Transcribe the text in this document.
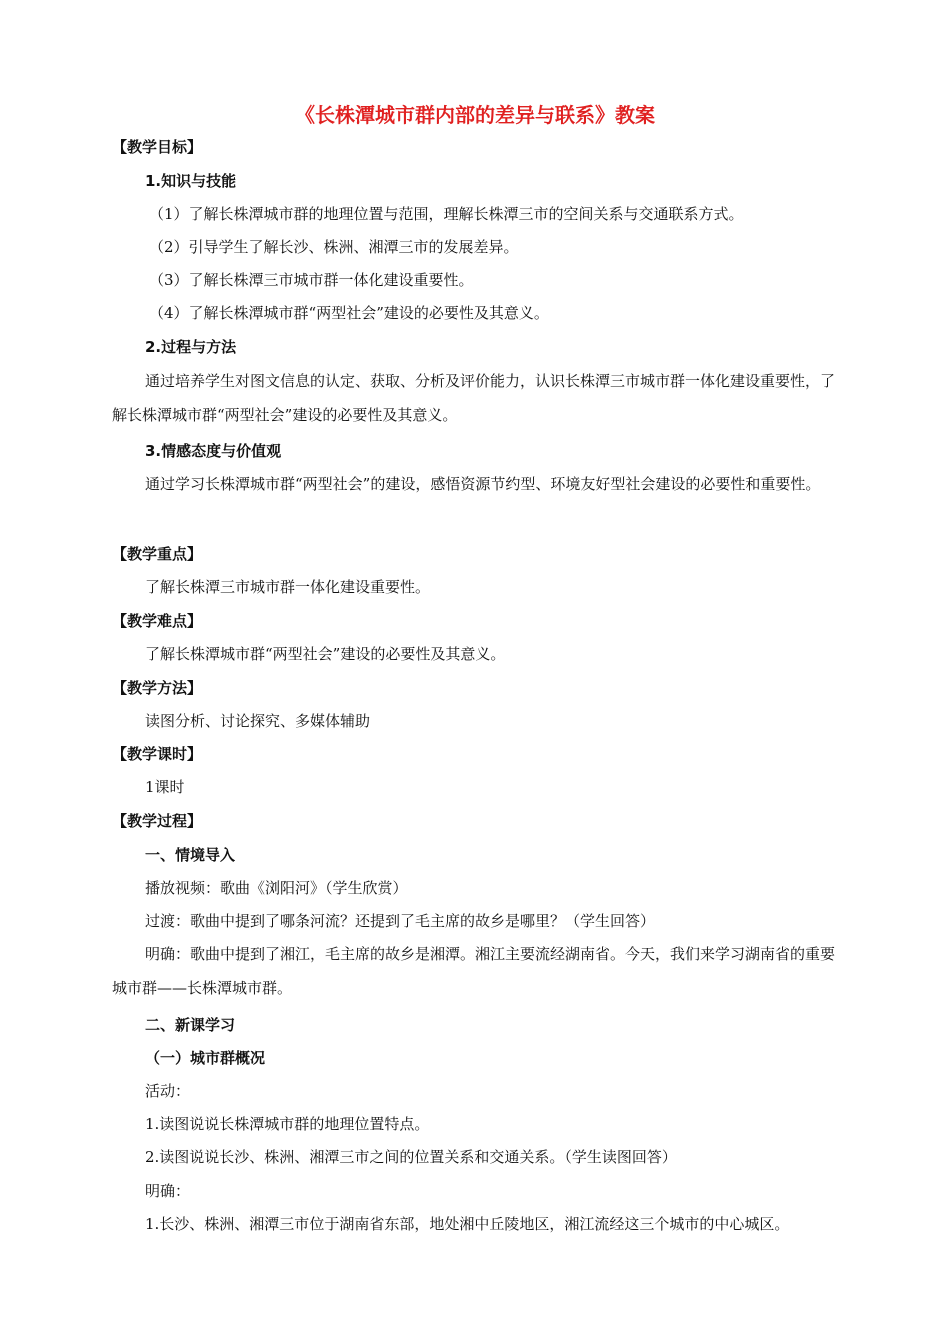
《长株潭城市群内部的差异与联系》教案
【教学目标】
1.知识与技能
（1）了解长株潭城市群的地理位置与范围，理解长株潭三市的空间关系与交通联系方式。
（2）引导学生了解长沙、株洲、湘潭三市的发展差异。
（3）了解长株潭三市城市群一体化建设重要性。
（4）了解长株潭城市群“两型社会”建设的必要性及其意义。
2.过程与方法
通过培养学生对图文信息的认定、获取、分析及评价能力，认识长株潭三市城市群一体化建设重要性，了解长株潭城市群“两型社会”建设的必要性及其意义。
3.情感态度与价值观
通过学习长株潭城市群“两型社会”的建设，感悟资源节约型、环境友好型社会建设的必要性和重要性。
【教学重点】
了解长株潭三市城市群一体化建设重要性。
【教学难点】
了解长株潭城市群“两型社会”建设的必要性及其意义。
【教学方法】
读图分析、讨论探究、多媒体辅助
【教学课时】
1课时
【教学过程】
一、情境导入
播放视频：歌曲《浏阳河》（学生欣赏）
过渡：歌曲中提到了哪条河流？还提到了毛主席的故乡是哪里？（学生回答）
明确：歌曲中提到了湘江，毛主席的故乡是湘潭。湘江主要流经湖南省。今天，我们来学习湖南省的重要城市群——长株潭城市群。
二、新课学习
（一）城市群概况
活动：
1.读图说说长株潭城市群的地理位置特点。
2.读图说说长沙、株洲、湘潭三市之间的位置关系和交通关系。（学生读图回答）
明确：
1.长沙、株洲、湘潭三市位于湖南省东部，地处湘中丘陵地区，湘江流经这三个城市的中心城区。
